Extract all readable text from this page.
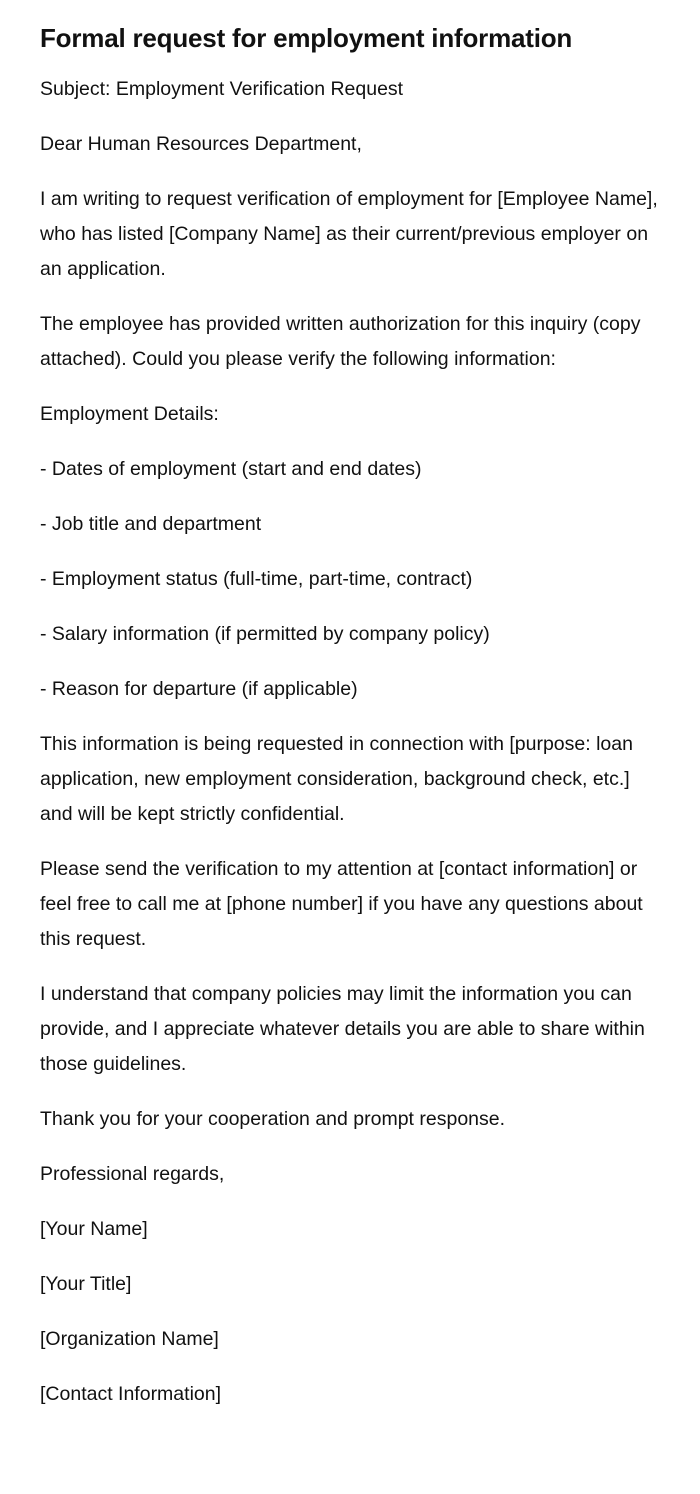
Formal request for employment information

Subject: Employment Verification Request

Dear Human Resources Department,

I am writing to request verification of employment for [Employee Name], who has listed [Company Name] as their current/previous employer on an application.

The employee has provided written authorization for this inquiry (copy attached). Could you please verify the following information:

Employment Details:

- Dates of employment (start and end dates)

- Job title and department

- Employment status (full-time, part-time, contract)

- Salary information (if permitted by company policy)

- Reason for departure (if applicable)

This information is being requested in connection with [purpose: loan application, new employment consideration, background check, etc.] and will be kept strictly confidential.

Please send the verification to my attention at [contact information] or feel free to call me at [phone number] if you have any questions about this request.

I understand that company policies may limit the information you can provide, and I appreciate whatever details you are able to share within those guidelines.

Thank you for your cooperation and prompt response.

Professional regards,

[Your Name]

[Your Title]

[Organization Name]

[Contact Information]
